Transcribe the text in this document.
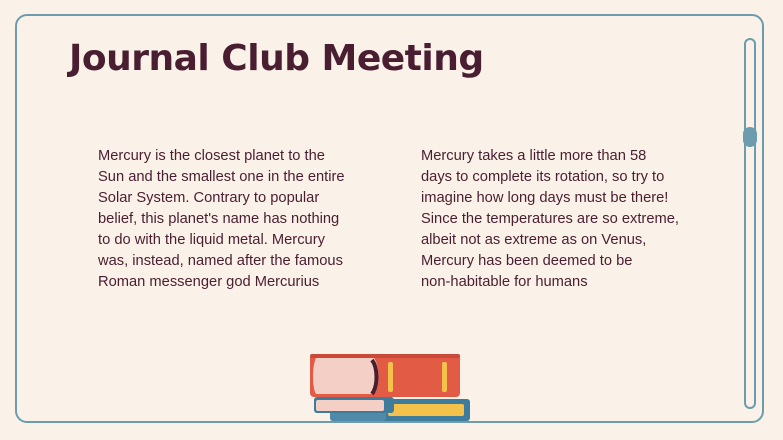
Journal Club Meeting
Mercury is the closest planet to the
Sun and the smallest one in the entire
Solar System. Contrary to popular
belief, this planet's name has nothing
to do with the liquid metal. Mercury
was, instead, named after the famous
Roman messenger god Mercurius
Mercury takes a little more than 58
days to complete its rotation, so try to
imagine how long days must be there!
Since the temperatures are so extreme,
albeit not as extreme as on Venus,
Mercury has been deemed to be
non-habitable for humans
